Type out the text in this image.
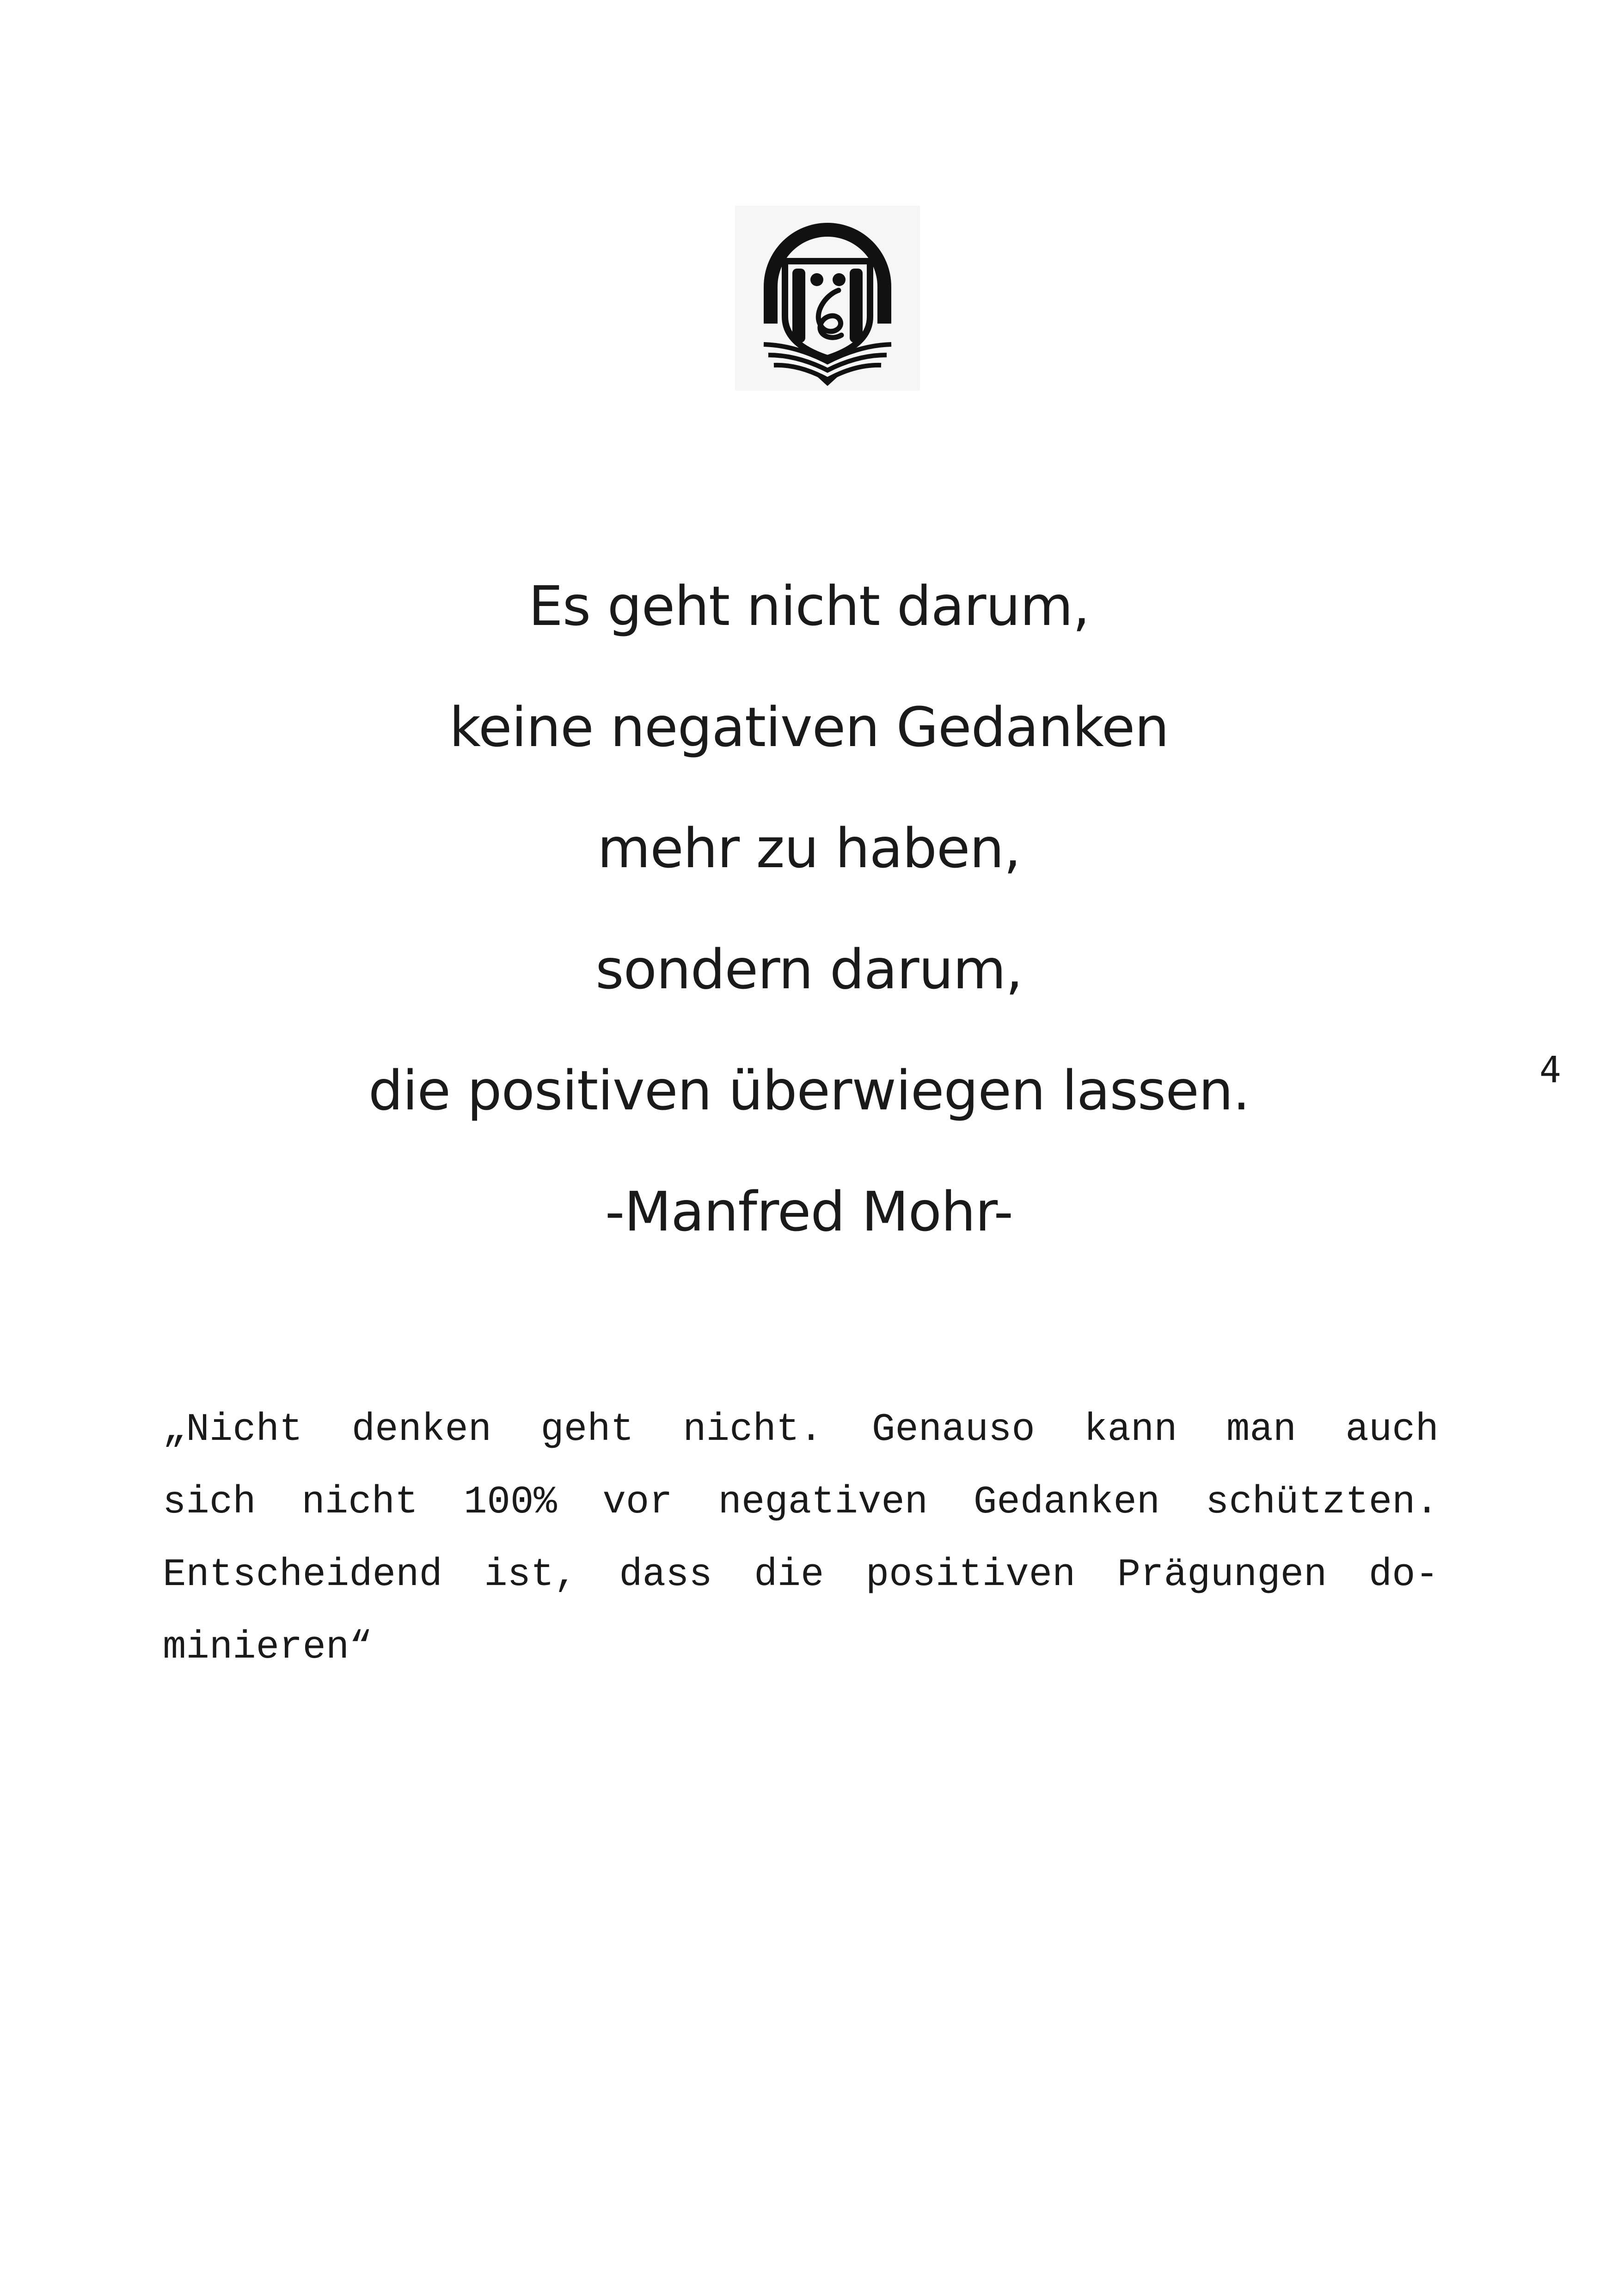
Es geht nicht darum,
keine negativen Gedanken
mehr zu haben,
sondern darum,
die positiven überwiegen lassen.
-Manfred Mohr-
4

„Nicht denken geht nicht. Genauso kann man auch
sich nicht 100% vor negativen Gedanken schützten.
Entscheidend ist, dass die positiven Prägungen do-
minieren“
